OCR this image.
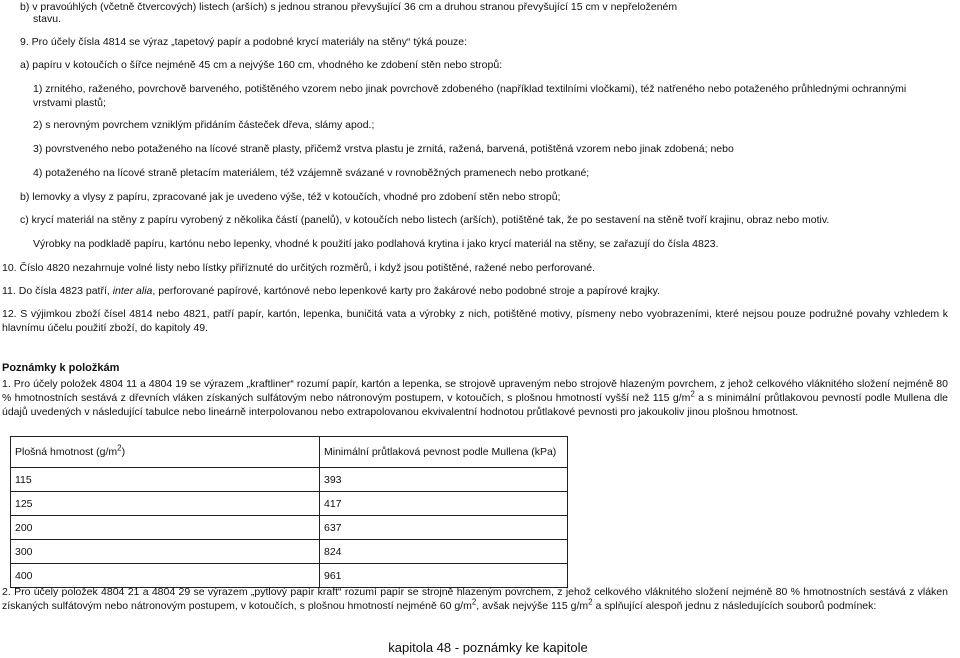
b) v pravoúhlých (včetně čtvercových) listech (arších) s jednou stranou převyšující 36 cm a druhou stranou převyšující 15 cm v nepřeloženém
stavu.
9. Pro účely čísla 4814 se výraz „tapetový papír a podobné krycí materiály na stěny“ týká pouze:
a) papíru v kotoučích o šířce nejméně 45 cm a nejvýše 160 cm, vhodného ke zdobení stěn nebo stropů:
1) zrnitého, raženého, povrchově barveného, potištěného vzorem nebo jinak povrchově zdobeného (například textilními vločkami), též natřeného nebo potaženého průhlednými ochrannými vrstvami plastů;
2) s nerovným povrchem vzniklým přidáním částeček dřeva, slámy apod.;
3) povrstveného nebo potaženého na lícové straně plasty, přičemž vrstva plastu je zrnitá, ražená, barvená, potištěná vzorem nebo jinak zdobená; nebo
4) potaženého na lícové straně pletacím materiálem, též vzájemně svázané v rovnoběžných pramenech nebo protkané;
b) lemovky a vlysy z papíru, zpracované jak je uvedeno výše, též v kotoučích, vhodné pro zdobení stěn nebo stropů;
c) krycí materiál na stěny z papíru vyrobený z několika částí (panelů), v kotoučích nebo listech (arších), potištěné tak, že po sestavení na stěně tvoří krajinu, obraz nebo motiv.
Výrobky na podkladě papíru, kartónu nebo lepenky, vhodné k použití jako podlahová krytina i jako krycí materiál na stěny, se zařazují do čísla 4823.
10. Číslo 4820 nezahrnuje volné listy nebo lístky přiříznuté do určitých rozměrů, i když jsou potištěné, ražené nebo perforované.
11. Do čísla 4823 patří, inter alia, perforované papírové, kartónové nebo lepenkové karty pro žakárové nebo podobné stroje a papírové krajky.
12. S výjimkou zboží čísel 4814 nebo 4821, patří papír, kartón, lepenka, buničitá vata a výrobky z nich, potištěné motivy, písmeny nebo vyobrazeními, které nejsou pouze podružné povahy vzhledem k hlavnímu účelu použití zboží, do kapitoly 49.
Poznámky k položkám
1. Pro účely položek 4804 11 a 4804 19 se výrazem „kraftliner“ rozumí papír, kartón a lepenka, se strojově upraveným nebo strojově hlazeným povrchem, z jehož celkového vláknitého složení nejméně 80 % hmotnostních sestává z dřevních vláken získaných sulfátovým nebo nátronovým postupem, v kotoučích, s plošnou hmotností vyšší než 115 $g/m^2$ a s minimální průtlakovou pevností podle Mullena dle údajů uvedených v následující tabulce nebo lineárně interpolovanou nebo extrapolovanou ekvivalentní hodnotou průtlakové pevnosti pro jakoukoliv jinou plošnou hmotnost.
Plošná hmotnost $(g/m^2)$	Minimální průtlaková pevnost podle Mullena (kPa)
115	393
125	417
200	637
300	824
400	961
2. Pro účely položek 4804 21 a 4804 29 se výrazem „pytlový papír kraft“ rozumí papír se strojně hlazeným povrchem, z jehož celkového vláknitého složení nejméně 80 % hmotnostních sestává z vláken získaných sulfátovým nebo nátronovým postupem, v kotoučích, s plošnou hmotností nejméně 60 $g/m^2$, avšak nejvýše 115 $g/m^2$ a splňující alespoň jednu z následujících souborů podmínek:
kapitola 48 - poznámky ke kapitole
